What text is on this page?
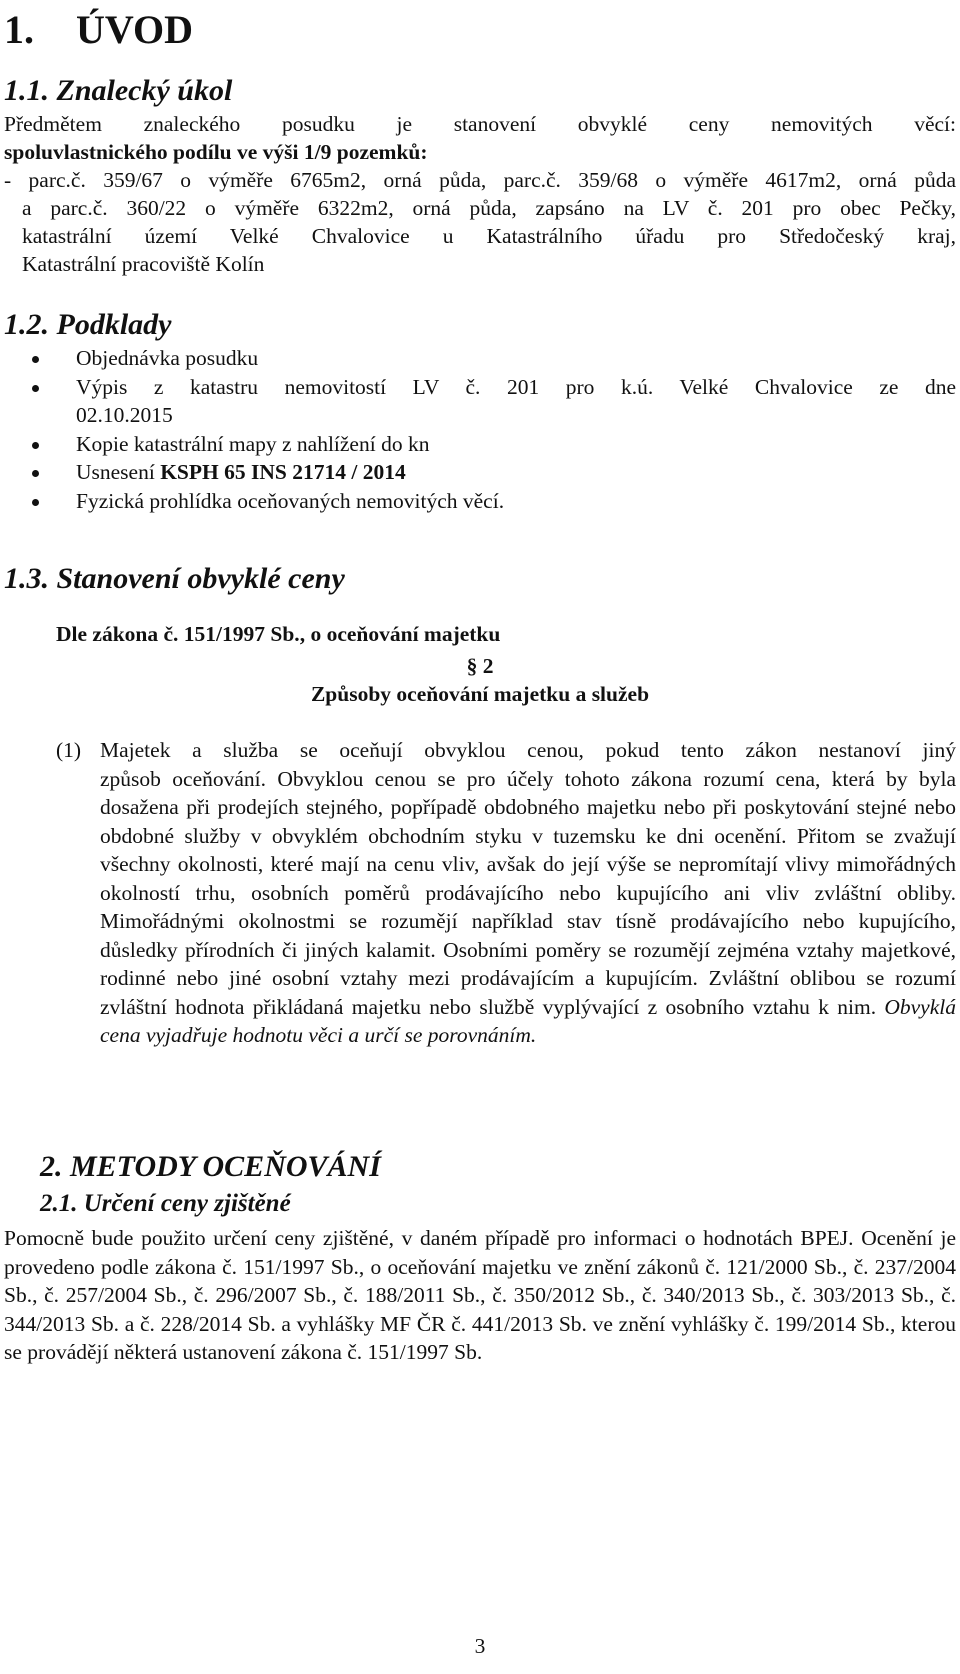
1. ÚVOD
1.1. Znalecký úkol
Předmětem znaleckého posudku je stanovení obvyklé ceny nemovitých věcí:
spoluvlastnického podílu ve výši 1/9 pozemků:
- parc.č. 359/67 o výměře 6765m2, orná půda, parc.č. 359/68 o výměře 4617m2, orná půda
a parc.č. 360/22 o výměře 6322m2, orná půda, zapsáno na LV č. 201 pro obec Pečky,
katastrální území Velké Chvalovice u Katastrálního úřadu pro Středočeský kraj,
Katastrální pracoviště Kolín
1.2. Podklady
Objednávka posudku
Výpis z katastru nemovitostí LV č. 201 pro k.ú. Velké Chvalovice ze dne
02.10.2015
Kopie katastrální mapy z nahlížení do kn
Usnesení KSPH 65 INS 21714 / 2014
Fyzická prohlídka oceňovaných nemovitých věcí.
1.3. Stanovení obvyklé ceny
Dle zákona č. 151/1997 Sb., o oceňování majetku
§ 2
Způsoby oceňování majetku a služeb
(1) Majetek a služba se oceňují obvyklou cenou, pokud tento zákon nestanoví jiný
způsob oceňování. Obvyklou cenou se pro účely tohoto zákona rozumí cena, která by byla dosažena při prodejích stejného, popřípadě obdobného majetku nebo při poskytování stejné nebo obdobné služby v obvyklém obchodním styku v tuzemsku ke dni ocenění. Přitom se zvažují všechny okolnosti, které mají na cenu vliv, avšak do její výše se nepromítají vlivy mimořádných okolností trhu, osobních poměrů prodávajícího nebo kupujícího ani vliv zvláštní obliby. Mimořádnými okolnostmi se rozumějí například stav tísně prodávajícího nebo kupujícího, důsledky přírodních či jiných kalamit. Osobními poměry se rozumějí zejména vztahy majetkové, rodinné nebo jiné osobní vztahy mezi prodávajícím a kupujícím. Zvláštní oblibou se rozumí zvláštní hodnota přikládaná majetku nebo službě vyplývající z osobního vztahu k nim. Obvyklá cena vyjadřuje hodnotu věci a určí se porovnáním.
2. METODY OCEŇOVÁNÍ
2.1. Určení ceny zjištěné
Pomocně bude použito určení ceny zjištěné, v daném případě pro informaci o hodnotách BPEJ. Ocenění je provedeno podle zákona č. 151/1997 Sb., o oceňování majetku ve znění zákonů č. 121/2000 Sb., č. 237/2004 Sb., č. 257/2004 Sb., č. 296/2007 Sb., č. 188/2011 Sb., č. 350/2012 Sb., č. 340/2013 Sb., č. 303/2013 Sb., č. 344/2013 Sb. a č. 228/2014 Sb. a vyhlášky MF ČR č. 441/2013 Sb. ve znění vyhlášky č. 199/2014 Sb., kterou se provádějí některá ustanovení zákona č. 151/1997 Sb.
3
